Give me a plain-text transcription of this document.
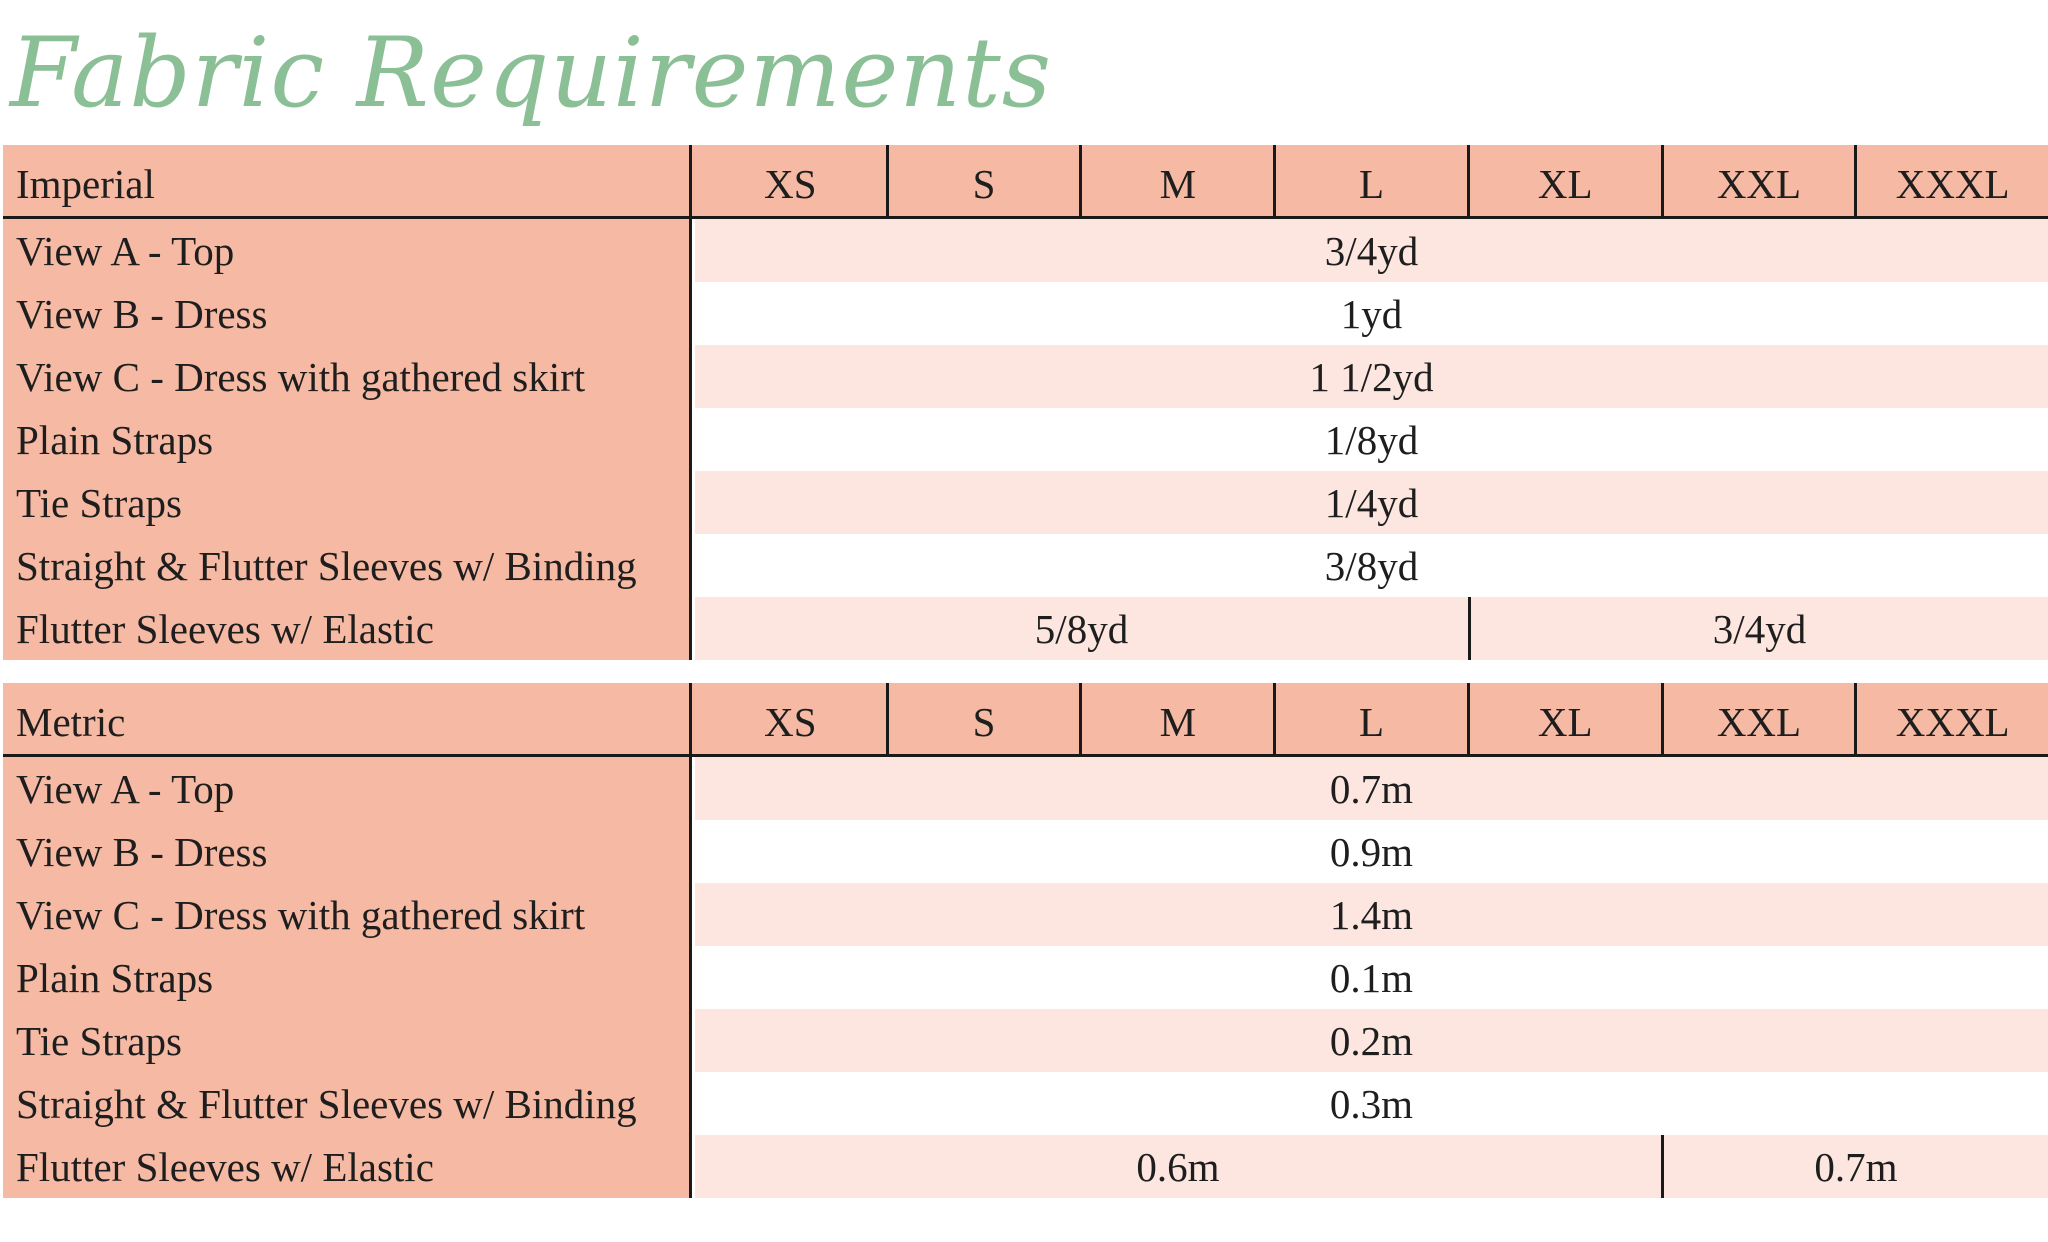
Fabric Requirements
Imperial	XS	S	M	L	XL	XXL	XXXL
View A - Top	3/4yd
View B - Dress	1yd
View C - Dress with gathered skirt	1 1/2yd
Plain Straps	1/8yd
Tie Straps	1/4yd
Straight & Flutter Sleeves w/ Binding	3/8yd
Flutter Sleeves w/ Elastic	5/8yd	3/4yd
Metric	XS	S	M	L	XL	XXL	XXXL
View A - Top	0.7m
View B - Dress	0.9m
View C - Dress with gathered skirt	1.4m
Plain Straps	0.1m
Tie Straps	0.2m
Straight & Flutter Sleeves w/ Binding	0.3m
Flutter Sleeves w/ Elastic	0.6m	0.7m
